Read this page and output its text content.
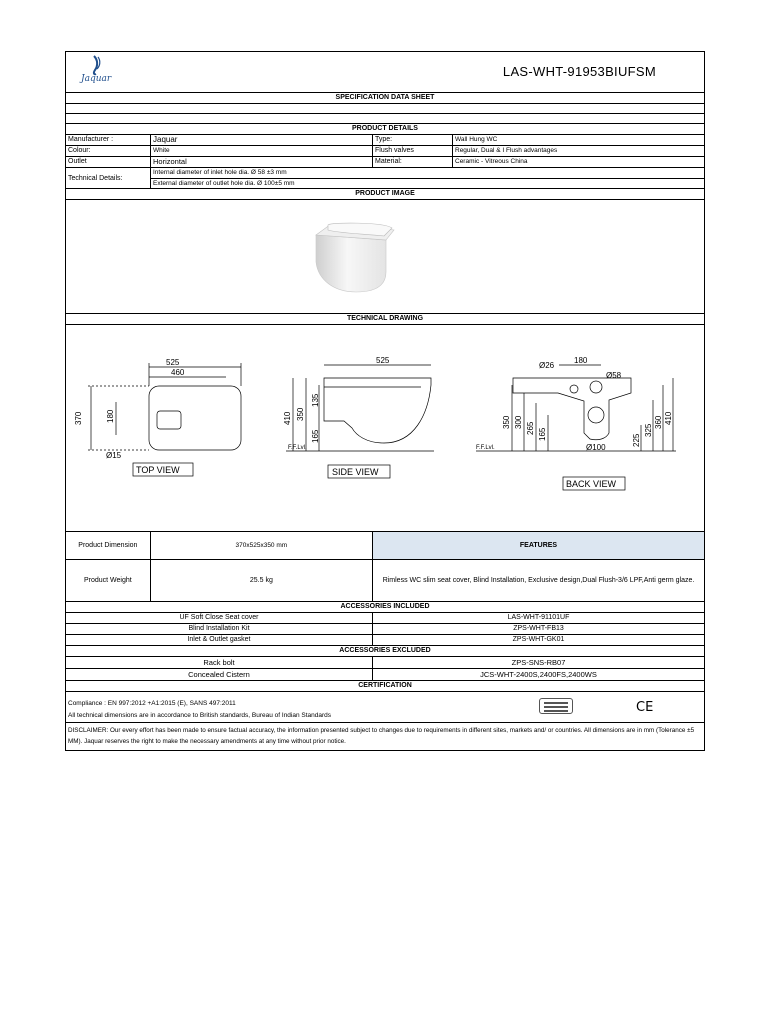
Jaquar	LAS-WHT-91953BIUFSM
SPECIFICATION DATA SHEET
PRODUCT DETAILS
Manufacturer :	Jaquar	Type:	Wall Hung WC
Colour:	White	Flush valves	Regular, Dual & I Flush advantages
Outlet	Horizontal	Material:	Ceramic - Vitreous China
Technical Details:
Internal diameter of inlet hole dia. Ø 58 ±3 mm
External diameter of outlet hole dia. Ø 100±5 mm
PRODUCT IMAGE
TECHNICAL DRAWING
525
460
370	180
Ø15
TOP VIEW
525
410 350
135
165
F.F.Lvl.
SIDE VIEW
Ø26
180
Ø58
350 300 265 165
Ø100
225
325
360 410
F.F.Lvl.
BACK VIEW
Product Dimension	370x525x350 mm
Product Weight	25.5 kg
FEATURES
Rimless WC slim seat cover, Blind Installation, Exclusive design,Dual Flush-3/6 LPF,Anti germ glaze.
ACCESSORIES INCLUDED
UF Soft Close Seat cover	LAS-WHT-91101UF
Blind Installation Kit	ZPS-WHT-FB13
Inlet & Outlet gasket	ZPS-WHT-GK01
ACCESSORIES EXCLUDED
Rack bolt	ZPS-SNS-RB07
Concealed Cistern	JCS-WHT-2400S,2400FS,2400WS
CERTIFICATION
Compliance : EN 997:2012 +A1:2015 (E), SANS 497:2011
All technical dimensions are in accordance to British standards, Bureau of Indian Standards
CE
DISCLAIMER: Our every effort has been made to ensure factual accuracy, the information presented subject to changes due to requirements in different sites, markets and/ or countries. All dimensions are in mm (Tolerance ±5 MM). Jaquar reserves the right to make the necessary amendments at any time without prior notice.
